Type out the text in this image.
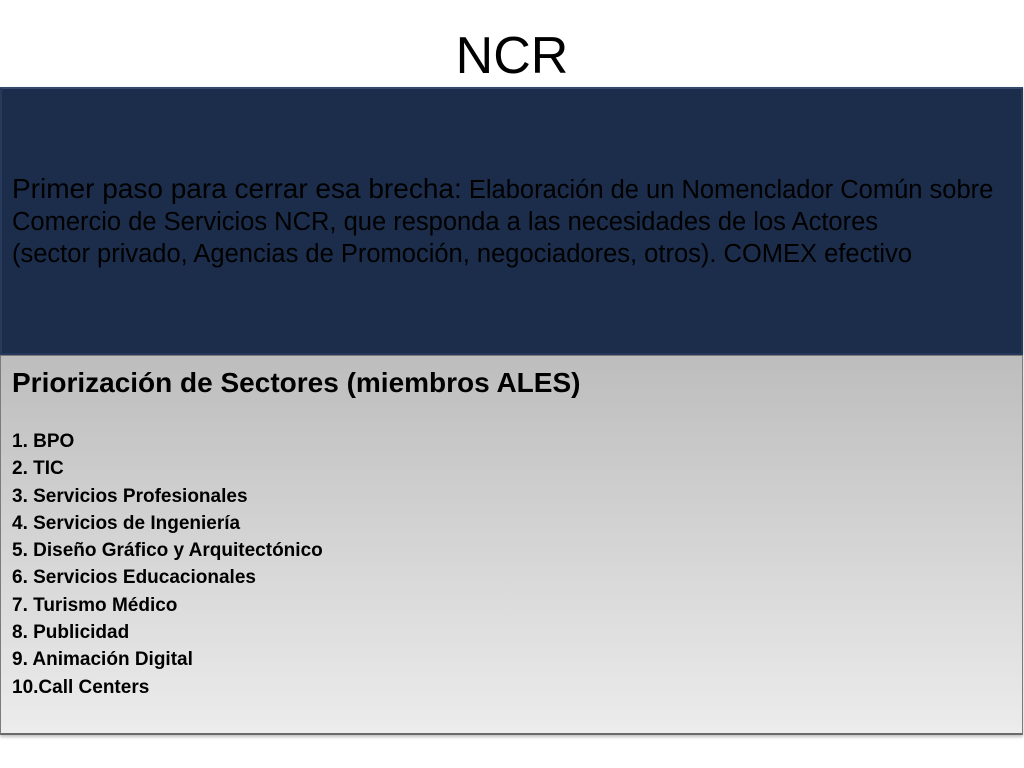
NCR
Primer paso para cerrar esa brecha: Elaboración de un Nomenclador Común sobre
Comercio de Servicios NCR, que responda a las necesidades de los Actores
(sector privado, Agencias de Promoción, negociadores, otros). COMEX efectivo
Priorización de Sectores (miembros ALES)
1. BPO
2. TIC
3. Servicios Profesionales
4. Servicios de Ingeniería
5. Diseño Gráfico y Arquitectónico
6. Servicios Educacionales
7. Turismo Médico
8. Publicidad
9. Animación Digital
10.Call Centers
